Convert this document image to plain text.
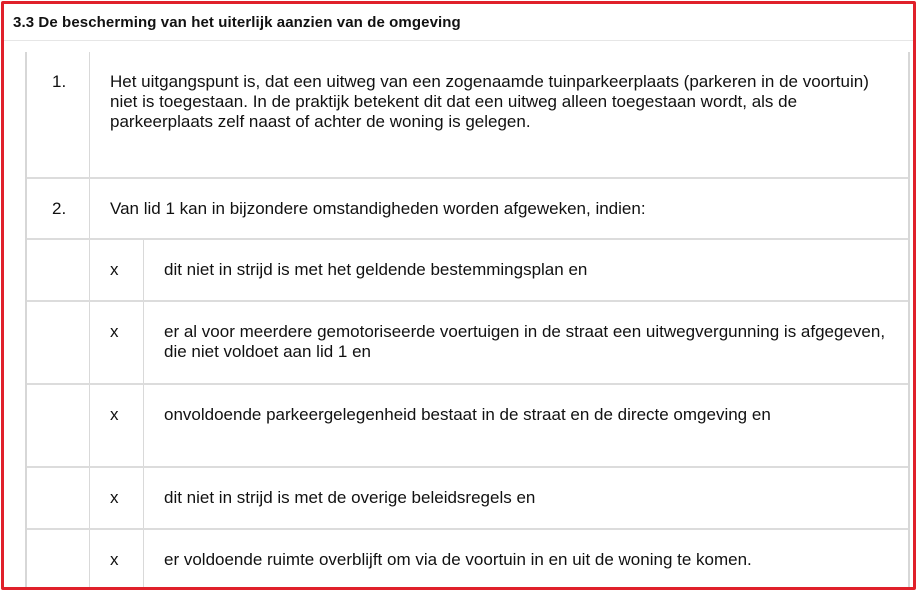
3.3 De bescherming van het uiterlijk aanzien van de omgeving
1.	Het uitgangspunt is, dat een uitweg van een zogenaamde tuinparkeerplaats (parkeren in de voortuin) niet is toegestaan. In de praktijk betekent dit dat een uitweg alleen toegestaan wordt, als de parkeerplaats zelf naast of achter de woning is gelegen.
2.	Van lid 1 kan in bijzondere omstandigheden worden afgeweken, indien:
x	dit niet in strijd is met het geldende bestemmingsplan en
x	er al voor meerdere gemotoriseerde voertuigen in de straat een uitwegvergunning is afgegeven, die niet voldoet aan lid 1 en
x	onvoldoende parkeergelegenheid bestaat in de straat en de directe omgeving en
x	dit niet in strijd is met de overige beleidsregels en
x	er voldoende ruimte overblijft om via de voortuin in en uit de woning te komen.
